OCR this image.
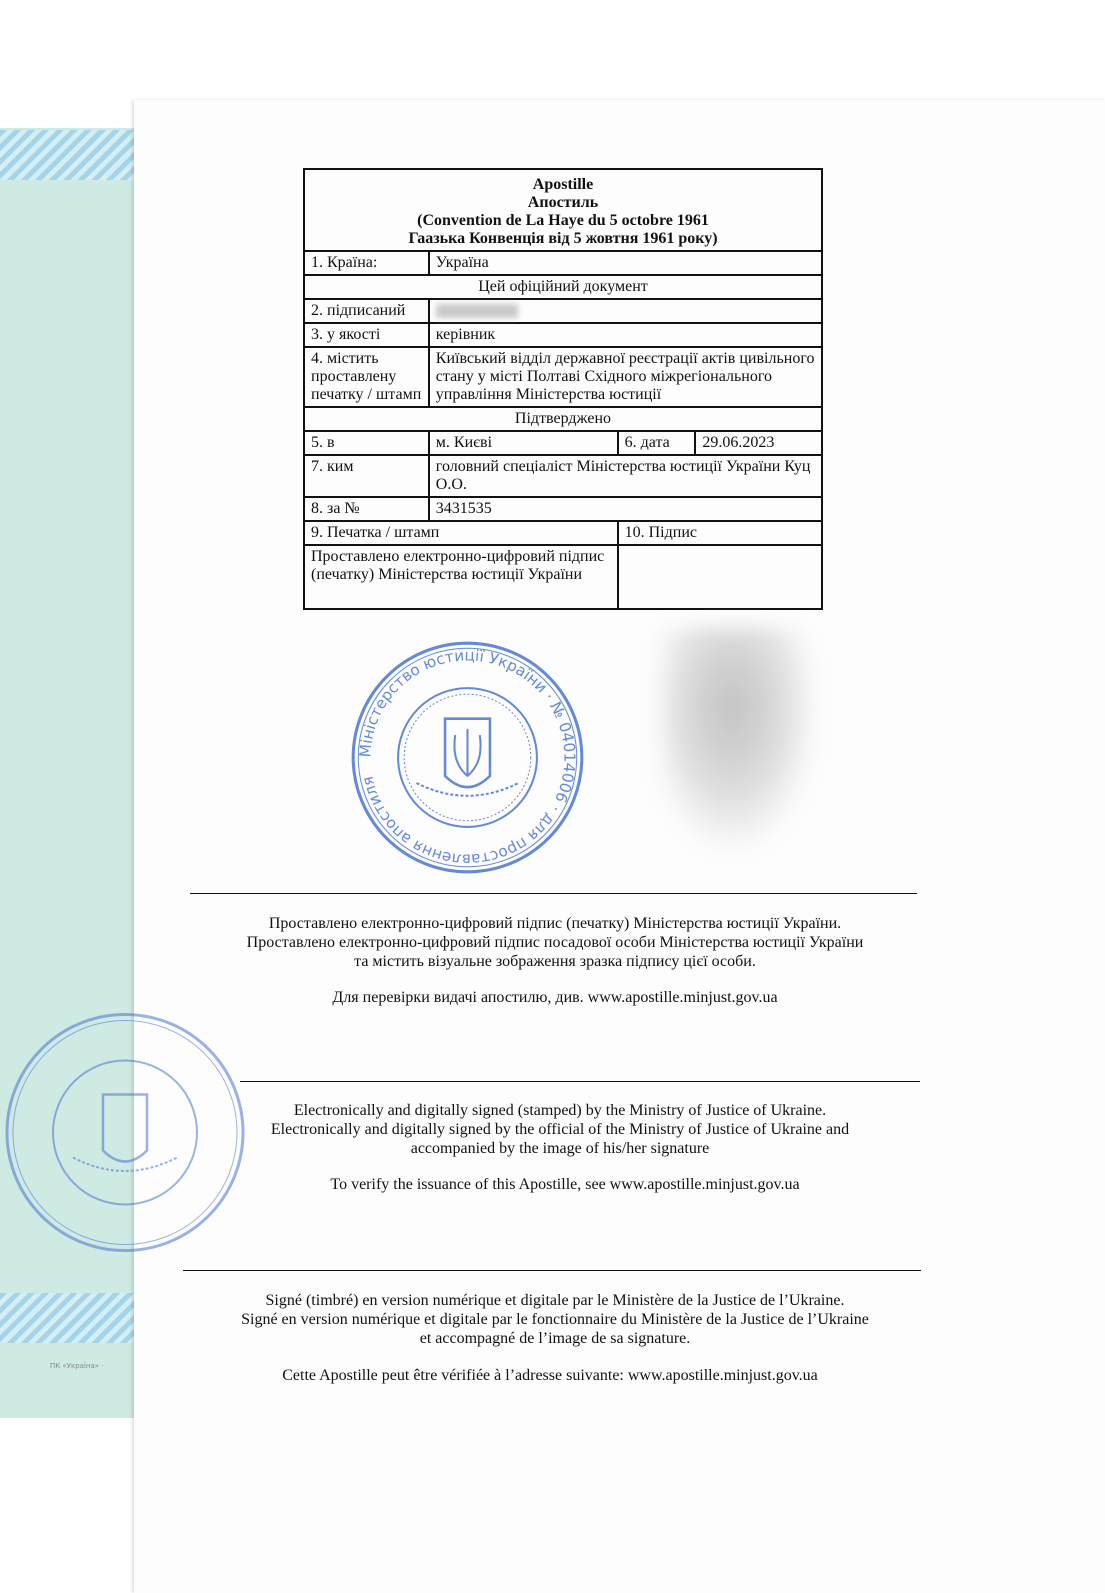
ПК «Україна» ·
Apostille
Апостиль
(Convention de La Haye du 5 octobre 1961
Гаазька Конвенція від 5 жовтня 1961 року)			

1. Країна:	Україна		
Цей офіційний документ			
2. підписаний			
3. у якості	керівник		
4. містить проставлену печатку / штамп	Київський відділ державної реєстрації актів цивільного стану у місті Полтаві Східного міжрегіонального управління Міністерства юстиції		
Підтверджено			
5. в	м. Києві	6. дата	29.06.2023
7. ким	головний спеціаліст Міністерства юстиції України Куц О.О.		
8. за №	3431535		
9. Печатка / штамп		10. Підпис	
Проставлено електронно-цифровий підпис (печатку) Міністерства юстиції України			
Міністерство юстиції України · № 04014006 · для проставлення апостиля
Проставлено електронно-цифровий підпис (печатку) Міністерства юстиції України.
Проставлено електронно-цифровий підпис посадової особи Міністерства юстиції України
та містить візуальне зображення зразка підпису цієї особи.
Для перевірки видачі апостилю, див. www.apostille.minjust.gov.ua
Electronically and digitally signed (stamped) by the Ministry of Justice of Ukraine.
Electronically and digitally signed by the official of the Ministry of Justice of Ukraine and
accompanied by the image of his/her signature
To verify the issuance of this Apostille, see www.apostille.minjust.gov.ua
Signé (timbré) en version numérique et digitale par le Ministère de la Justice de l’Ukraine.
Signé en version numérique et digitale par le fonctionnaire du Ministère de la Justice de l’Ukraine
et accompagné de l’image de sa signature.
Cette Apostille peut être vérifiée à l’adresse suivante: www.apostille.minjust.gov.ua
